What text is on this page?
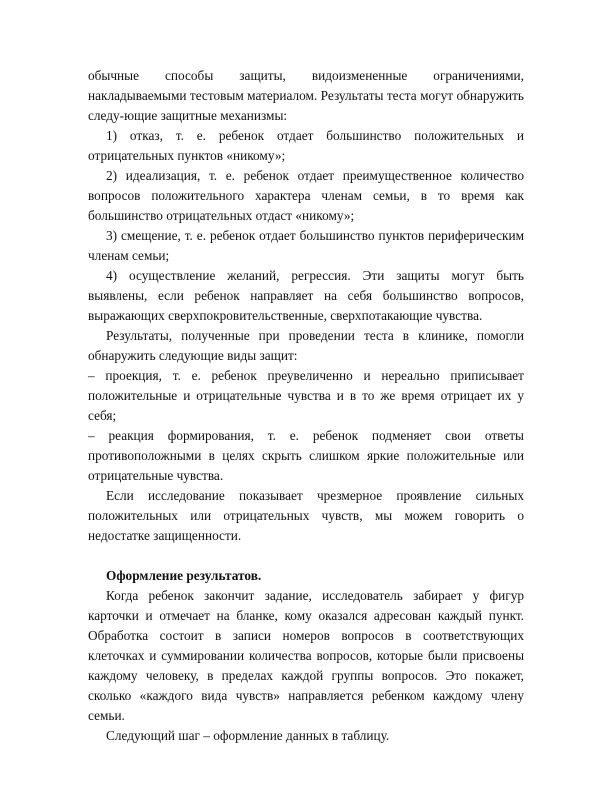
обычные способы защиты, видоизмененные ограничениями, накладываемыми тестовым материалом. Результаты теста могут обнаружить следу-ющие защитные механизмы:

1) отказ, т. е. ребенок отдает большинство положительных и отрицательных пунктов «никому»;

2) идеализация, т. е. ребенок отдает преимущественное количество вопросов положительного характера членам семьи, в то время как большинство отрицательных отдаст «никому»;

3) смещение, т. е. ребенок отдает большинство пунктов периферическим членам семьи;

4) осуществление желаний, регрессия. Эти защиты могут быть выявлены, если ребенок направляет на себя большинство вопросов, выражающих сверхпокровительственные, сверхпотакающие чувства.

Результаты, полученные при проведении теста в клинике, помогли обнаружить следующие виды защит:

– проекция, т. е. ребенок преувеличенно и нереально приписывает положительные и отрицательные чувства и в то же время отрицает их у себя;

– реакция формирования, т. е. ребенок подменяет свои ответы противоположными в целях скрыть слишком яркие положительные или отрицательные чувства.

Если исследование показывает чрезмерное проявление сильных положительных или отрицательных чувств, мы можем говорить о недостатке защищенности.

Оформление результатов.

Когда ребенок закончит задание, исследователь забирает у фигур карточки и отмечает на бланке, кому оказался адресован каждый пункт. Обработка состоит в записи номеров вопросов в соответствующих клеточках и суммировании количества вопросов, которые были присвоены каждому человеку, в пределах каждой группы вопросов. Это покажет, сколько «каждого вида чувств» направляется ребенком каждому члену семьи.

Следующий шаг – оформление данных в таблицу.
